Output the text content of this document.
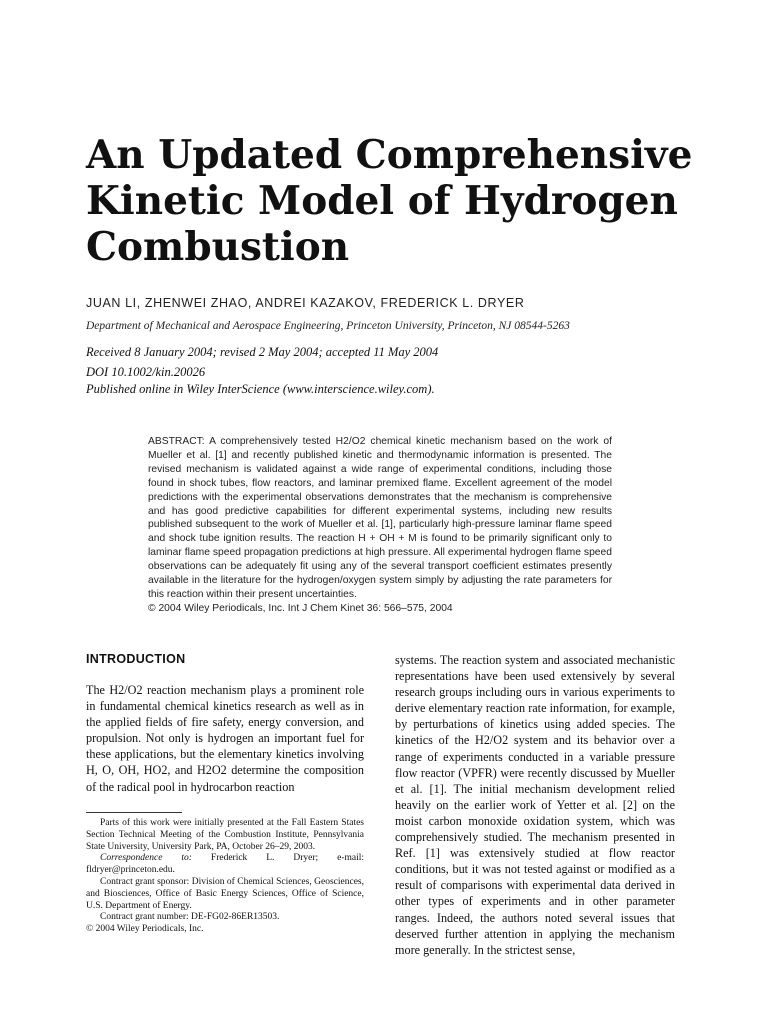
An Updated Comprehensive Kinetic Model of Hydrogen Combustion
JUAN LI, ZHENWEI ZHAO, ANDREI KAZAKOV, FREDERICK L. DRYER
Department of Mechanical and Aerospace Engineering, Princeton University, Princeton, NJ 08544-5263
Received 8 January 2004; revised 2 May 2004; accepted 11 May 2004
DOI 10.1002/kin.20026
Published online in Wiley InterScience (www.interscience.wiley.com).
ABSTRACT: A comprehensively tested H2/O2 chemical kinetic mechanism based on the work of Mueller et al. [1] and recently published kinetic and thermodynamic information is presented. The revised mechanism is validated against a wide range of experimental conditions, including those found in shock tubes, flow reactors, and laminar premixed flame. Excellent agreement of the model predictions with the experimental observations demonstrates that the mechanism is comprehensive and has good predictive capabilities for different experimental systems, including new results published subsequent to the work of Mueller et al. [1], particularly high-pressure laminar flame speed and shock tube ignition results. The reaction H + OH + M is found to be primarily significant only to laminar flame speed propagation predictions at high pressure. All experimental hydrogen flame speed observations can be adequately fit using any of the several transport coefficient estimates presently available in the literature for the hydrogen/oxygen system simply by adjusting the rate parameters for this reaction within their present uncertainties.
© 2004 Wiley Periodicals, Inc. Int J Chem Kinet 36: 566–575, 2004
INTRODUCTION
The H2/O2 reaction mechanism plays a prominent role in fundamental chemical kinetics research as well as in the applied fields of fire safety, energy conversion, and propulsion. Not only is hydrogen an important fuel for these applications, but the elementary kinetics involving H, O, OH, HO2, and H2O2 determine the composition of the radical pool in hydrocarbon reaction

Parts of this work were initially presented at the Fall Eastern States Section Technical Meeting of the Combustion Institute, Pennsylvania State University, University Park, PA, October 26–29, 2003.

Correspondence to: Frederick L. Dryer; e-mail: fldryer@princeton.edu.

Contract grant sponsor: Division of Chemical Sciences, Geosciences, and Biosciences, Office of Basic Energy Sciences, Office of Science, U.S. Department of Energy.

Contract grant number: DE-FG02-86ER13503.

© 2004 Wiley Periodicals, Inc.

systems. The reaction system and associated mechanistic representations have been used extensively by several research groups including ours in various experiments to derive elementary reaction rate information, for example, by perturbations of kinetics using added species. The kinetics of the H2/O2 system and its behavior over a range of experiments conducted in a variable pressure flow reactor (VPFR) were recently discussed by Mueller et al. [1]. The initial mechanism development relied heavily on the earlier work of Yetter et al. [2] on the moist carbon monoxide oxidation system, which was comprehensively studied. The mechanism presented in Ref. [1] was extensively studied at flow reactor conditions, but it was not tested against or modified as a result of comparisons with experimental data derived in other types of experiments and in other parameter ranges. Indeed, the authors noted several issues that deserved further attention in applying the mechanism more generally. In the strictest sense,
